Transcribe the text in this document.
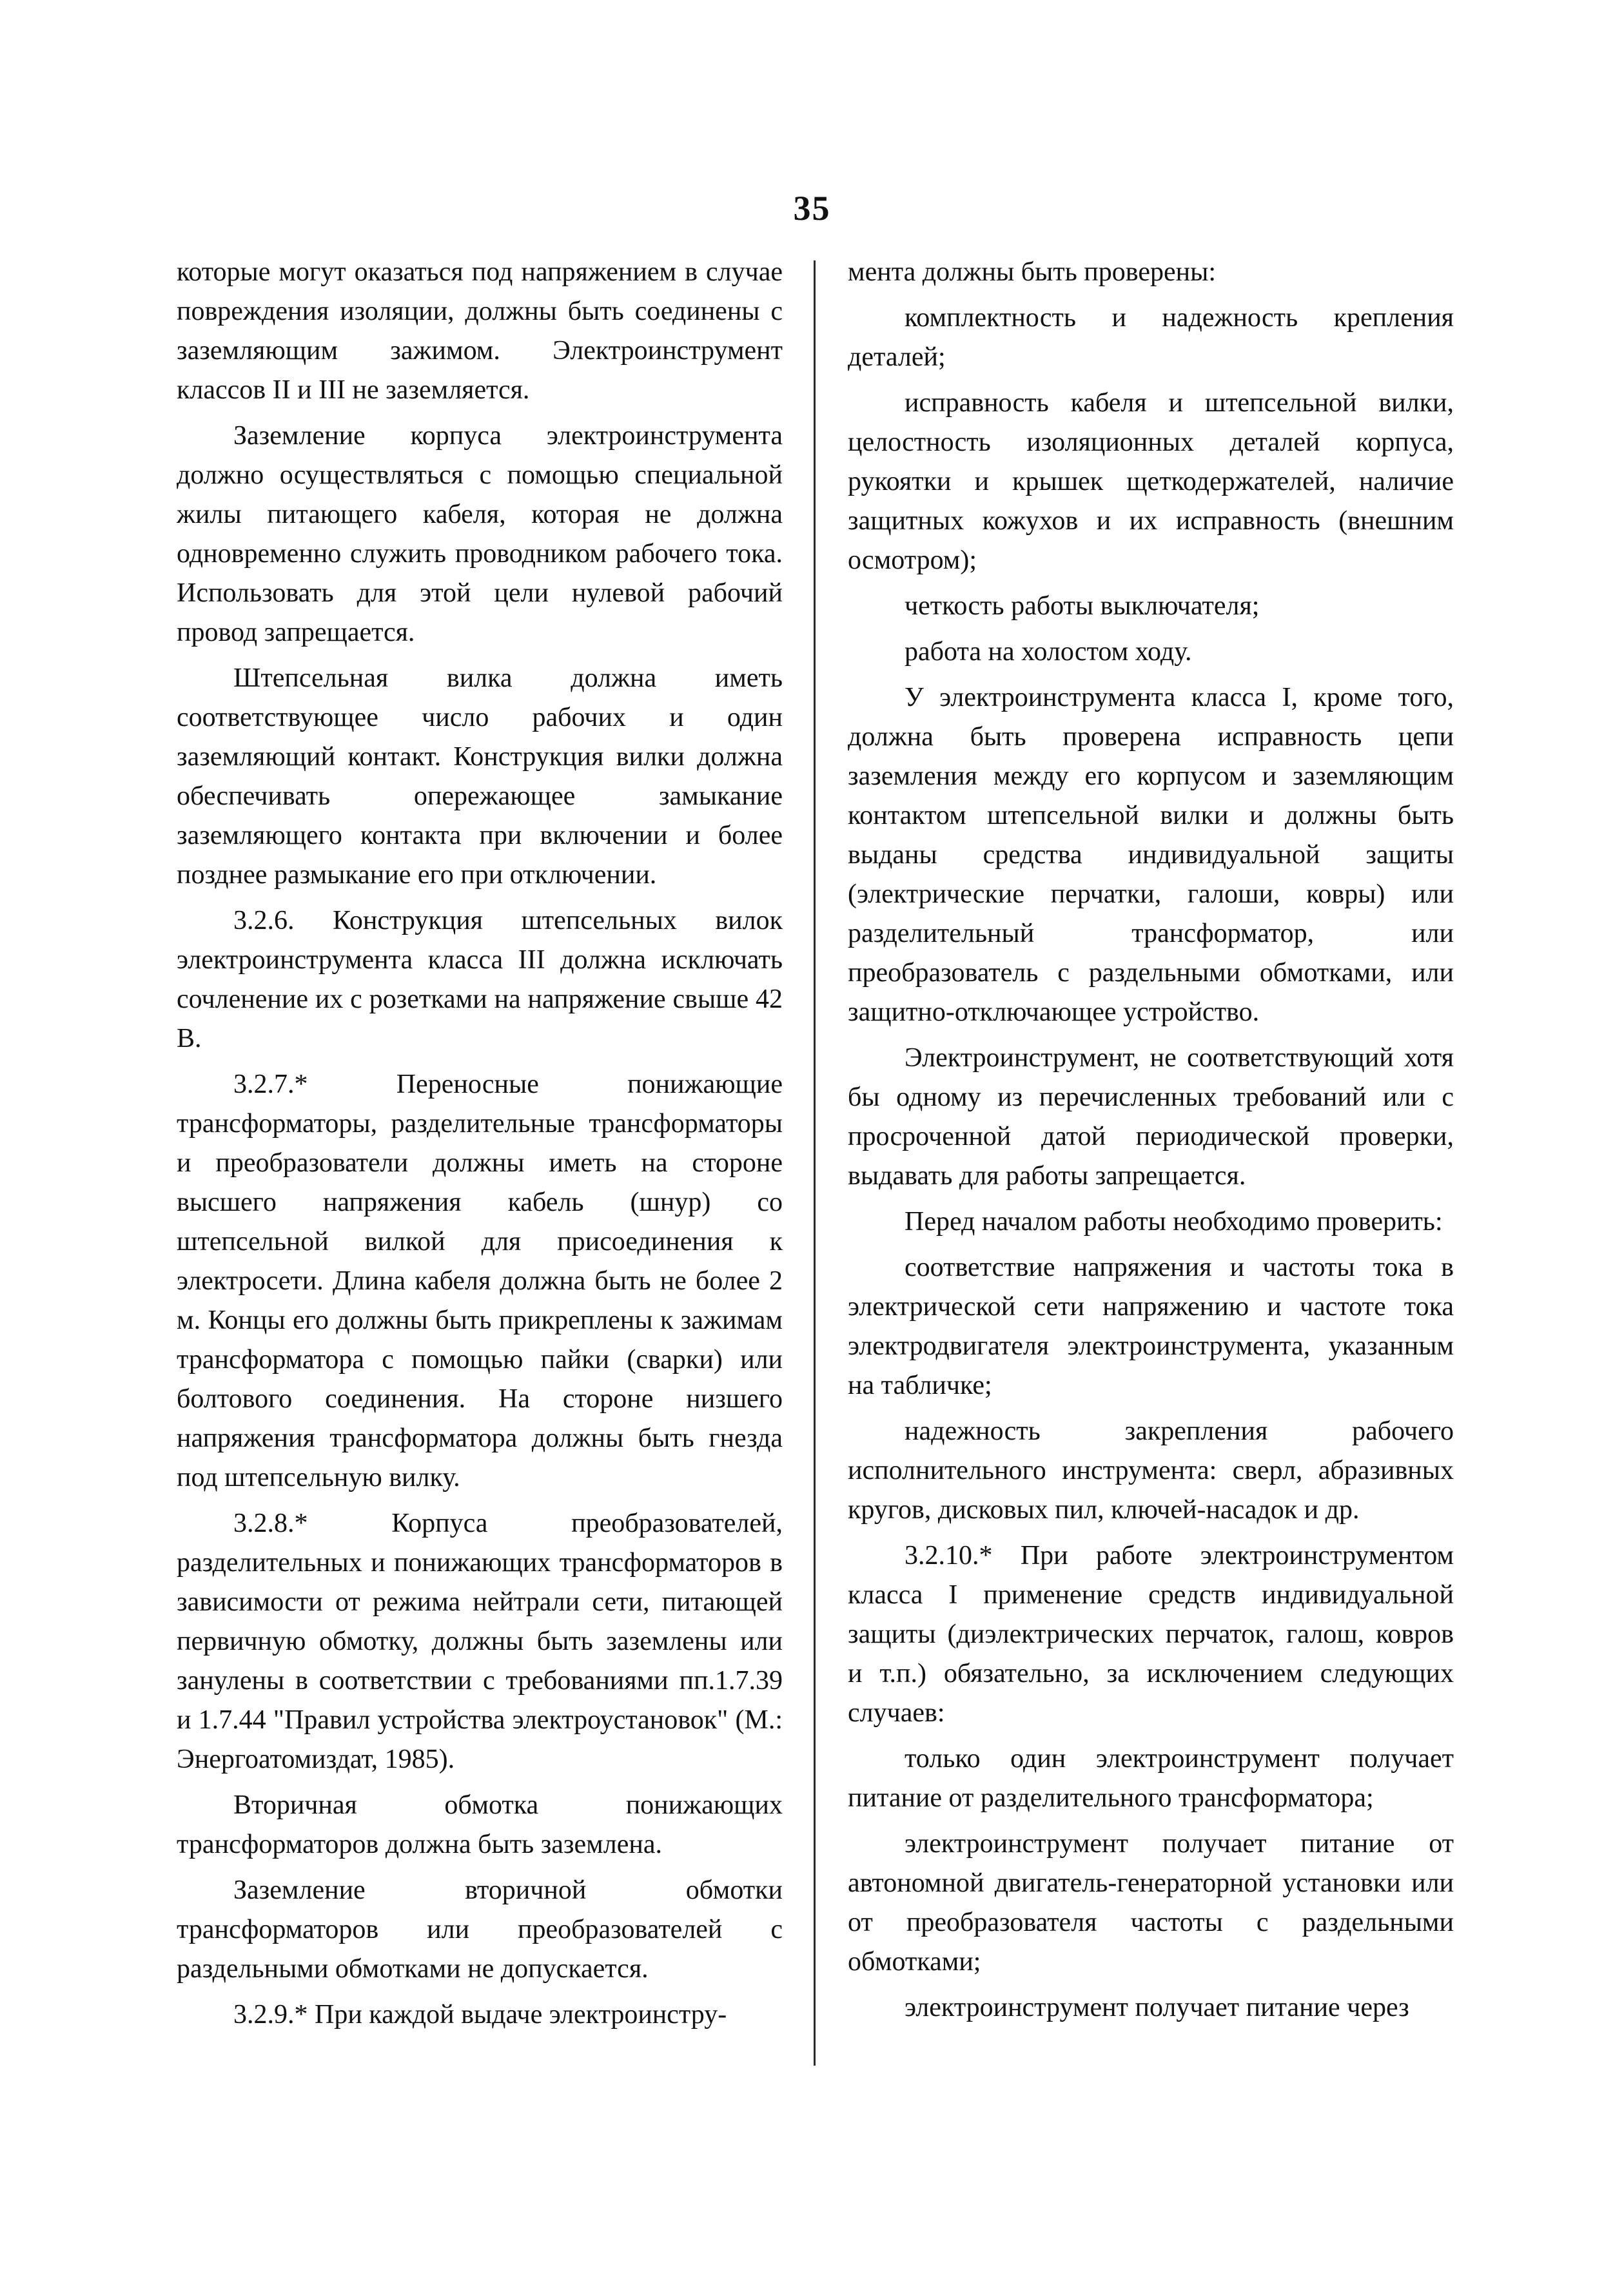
35

которые могут оказаться под напряжением в случае повреждения изоляции, должны быть соединены с заземляющим зажимом. Электроинструмент классов II и III не заземляется.

Заземление корпуса электроинструмента должно осуществляться с помощью специальной жилы питающего кабеля, которая не должна одновременно служить проводником рабочего тока. Использовать для этой цели нулевой рабочий провод запрещается.

Штепсельная вилка должна иметь соответствующее число рабочих и один заземляющий контакт. Конструкция вилки должна обеспечивать опережающее замыкание заземляющего контакта при включении и более позднее размыкание его при отключении.

3.2.6. Конструкция штепсельных вилок электроинструмента класса III должна исключать сочленение их с розетками на напряжение свыше 42 В.

3.2.7.* Переносные понижающие трансформаторы, разделительные трансформаторы и преобразователи должны иметь на стороне высшего напряжения кабель (шнур) со штепсельной вилкой для присоединения к электросети. Длина кабеля должна быть не более 2 м. Концы его должны быть прикреплены к зажимам трансформатора с помощью пайки (сварки) или болтового соединения. На стороне низшего напряжения трансформатора должны быть гнезда под штепсельную вилку.

3.2.8.* Корпуса преобразователей, разделительных и понижающих трансформаторов в зависимости от режима нейтрали сети, питающей первичную обмотку, должны быть заземлены или занулены в соответствии с требованиями пп.1.7.39 и 1.7.44 "Правил устройства электроустановок" (М.: Энергоатомиздат, 1985).

Вторичная обмотка понижающих трансформаторов должна быть заземлена.

Заземление вторичной обмотки трансформаторов или преобразователей с раздельными обмотками не допускается.

3.2.9.* При каждой выдаче электроинстру-

мента должны быть проверены:

комплектность и надежность крепления деталей;

исправность кабеля и штепсельной вилки, целостность изоляционных деталей корпуса, рукоятки и крышек щеткодержателей, наличие защитных кожухов и их исправность (внешним осмотром);

четкость работы выключателя;

работа на холостом ходу.

У электроинструмента класса I, кроме того, должна быть проверена исправность цепи заземления между его корпусом и заземляющим контактом штепсельной вилки и должны быть выданы средства индивидуальной защиты (электрические перчатки, галоши, ковры) или разделительный трансформатор, или преобразователь с раздельными обмотками, или защитно-отключающее устройство.

Электроинструмент, не соответствующий хотя бы одному из перечисленных требований или с просроченной датой периодической проверки, выдавать для работы запрещается.

Перед началом работы необходимо проверить:

соответствие напряжения и частоты тока в электрической сети напряжению и частоте тока электродвигателя электроинструмента, указанным на табличке;

надежность закрепления рабочего исполнительного инструмента: сверл, абразивных кругов, дисковых пил, ключей-насадок и др.

3.2.10.* При работе электроинструментом класса I применение средств индивидуальной защиты (диэлектрических перчаток, галош, ковров и т.п.) обязательно, за исключением следующих случаев:

только один электроинструмент получает питание от разделительного трансформатора;

электроинструмент получает питание от автономной двигатель-генераторной установки или от преобразователя частоты с раздельными обмотками;

электроинструмент получает питание через
